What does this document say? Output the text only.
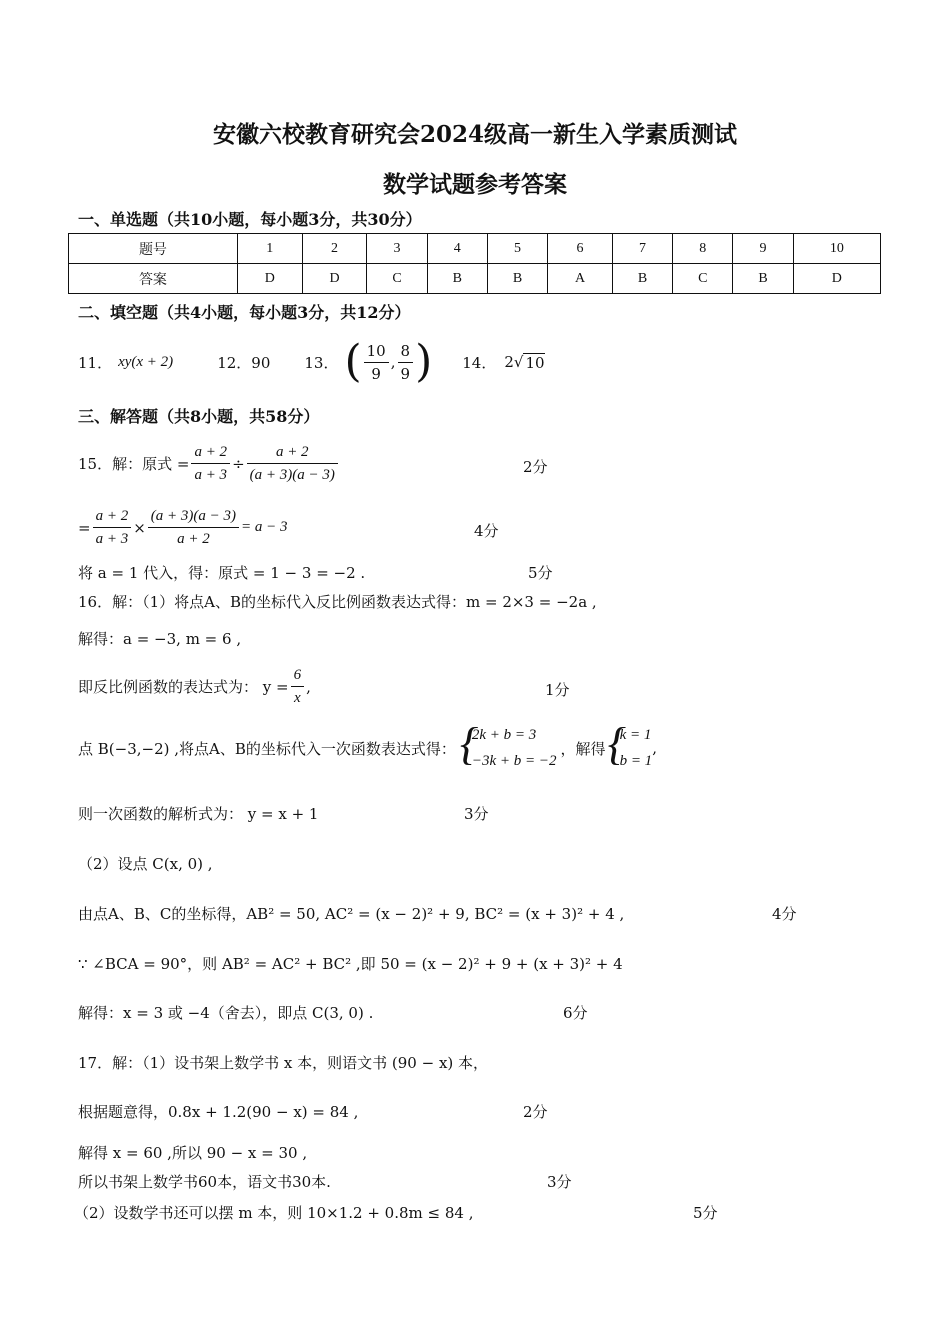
安徽六校教育研究会2024级高一新生入学素质测试
数学试题参考答案
一、单选题（共10小题，每小题3分，共30分）
题号	1	2	3	4	5	6	7	8	9	10
答案	D	D	C	B	B	A	B	C	B	D
二、填空题（共4小题，每小题3分，共12分）
11． xy(x + 2)	12．90 13． ( $\frac{10}{9}$ , $\frac{8}{9}$ ) 14． 2 √ 10
三、解答题（共8小题，共58分）
15．解：原式 = $\frac{a + 2}{a + 3} \div \frac{a + 2}{(a + 3)(a - 3)}$	2分
= $\frac{a + 2}{a + 3} \times \frac{(a + 3)(a - 3)}{a + 2} = a - 3$	4分
将 a = 1 代入，得：原式 = 1 − 3 = −2 .	5分
16．解：（1）将点A、B的坐标代入反比例函数表达式得：m = 2×3 = −2a ,
解得：a = −3, m = 6 ,
即反比例函数的表达式为： $y = \frac{6}{x}$ ,	1分
点 B(−3,−2) ,将点A、B的坐标代入一次函数表达式得：
{ 2k + b = 3
−3k + b = −2
，解得
{ k = 1
b = 1
,
则一次函数的解析式为： y = x + 1	3分
（2）设点 C(x, 0) ,
由点A、B、C的坐标得，AB² = 50, AC² = (x − 2)² + 9, BC² = (x + 3)² + 4 ,	4分
∵ ∠BCA = 90°，则 AB² = AC² + BC² ,即 50 = (x − 2)² + 9 + (x + 3)² + 4
解得：x = 3 或 −4（舍去），即点 C(3, 0) .	6分
17．解：（1）设书架上数学书 x 本，则语文书 (90 − x) 本，
根据题意得，0.8x + 1.2(90 − x) = 84 ,	2分
解得 x = 60 ,所以 90 − x = 30 ,
所以书架上数学书60本，语文书30本.	3分
（2）设数学书还可以摆 m 本，则 10×1.2 + 0.8m ≤ 84 ,	5分
